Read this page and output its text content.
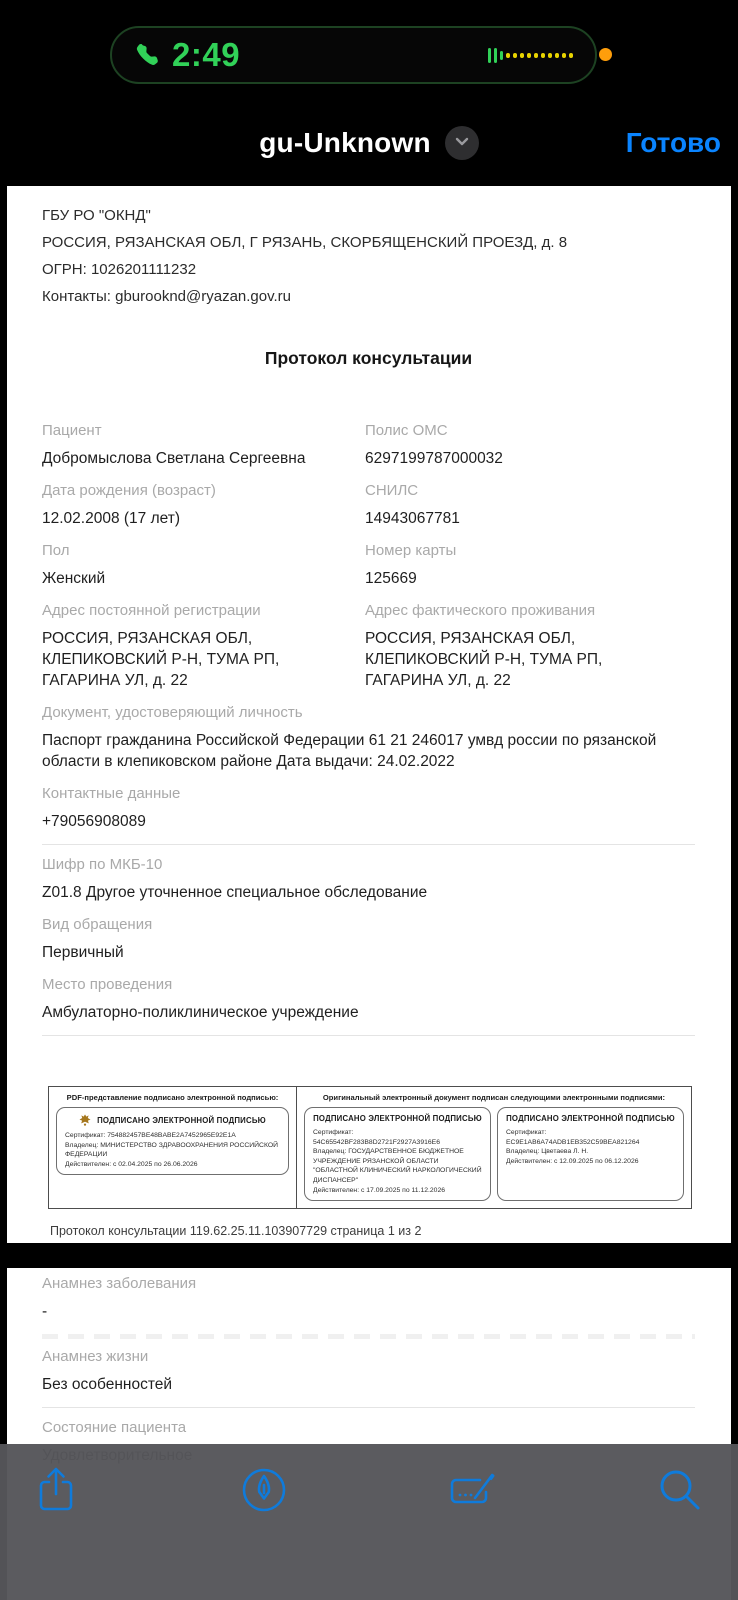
2:49
gu-Unknown	Готово
ГБУ РО "ОКНД"
РОССИЯ, РЯЗАНСКАЯ ОБЛ, Г РЯЗАНЬ, СКОРБЯЩЕНСКИЙ ПРОЕЗД, д. 8
ОГРН: 1026201111232
Контакты: gburooknd@ryazan.gov.ru
Протокол консультации
Пациент
Добромыслова Светлана Сергеевна
Полис ОМС
6297199787000032
Дата рождения (возраст)
12.02.2008 (17 лет)
СНИЛС
14943067781
Пол
Женский
Номер карты
125669
Адрес постоянной регистрации
РОССИЯ, РЯЗАНСКАЯ ОБЛ, КЛЕПИКОВСКИЙ Р-Н, ТУМА РП, ГАГАРИНА УЛ, д. 22
Адрес фактического проживания
РОССИЯ, РЯЗАНСКАЯ ОБЛ, КЛЕПИКОВСКИЙ Р-Н, ТУМА РП, ГАГАРИНА УЛ, д. 22
Документ, удостоверяющий личность
Паспорт гражданина Российской Федерации 61 21 246017 умвд россии по рязанской области в клепиковском районе Дата выдачи: 24.02.2022
Контактные данные
+79056908089
Шифр по МКБ-10
Z01.8 Другое уточненное специальное обследование
Вид обращения
Первичный
Место проведения
Амбулаторно-поликлиническое учреждение
PDF-представление подписано электронной подписью:
ПОДПИСАНО ЭЛЕКТРОННОЙ ПОДПИСЬЮ
Сертификат: 754882457BE48BABE2A7452965E92E1A
Владелец: МИНИСТЕРСТВО ЗДРАВООХРАНЕНИЯ РОССИЙСКОЙ ФЕДЕРАЦИИ
Действителен: с 02.04.2025 по 26.06.2026
Оригинальный электронный документ подписан следующими электронными подписями:
ПОДПИСАНО ЭЛЕКТРОННОЙ ПОДПИСЬЮ
Сертификат: 54C65542BF283B8D2721F2927A3916E6
Владелец: ГОСУДАРСТВЕННОЕ БЮДЖЕТНОЕ УЧРЕЖДЕНИЕ РЯЗАНСКОЙ ОБЛАСТИ "ОБЛАСТНОЙ КЛИНИЧЕСКИЙ НАРКОЛОГИЧЕСКИЙ ДИСПАНСЕР"
Действителен: с 17.09.2025 по 11.12.2026
ПОДПИСАНО ЭЛЕКТРОННОЙ ПОДПИСЬЮ
Сертификат: EC9E1AB6A74ADB1EB352C59BEA821264
Владелец: Цветаева Л. Н.
Действителен: с 12.09.2025 по 06.12.2026
Протокол консультации 119.62.25.11.103907729 страница 1 из 2
Анамнез заболевания
-
Анамнез жизни
Без особенностей
Состояние пациента
